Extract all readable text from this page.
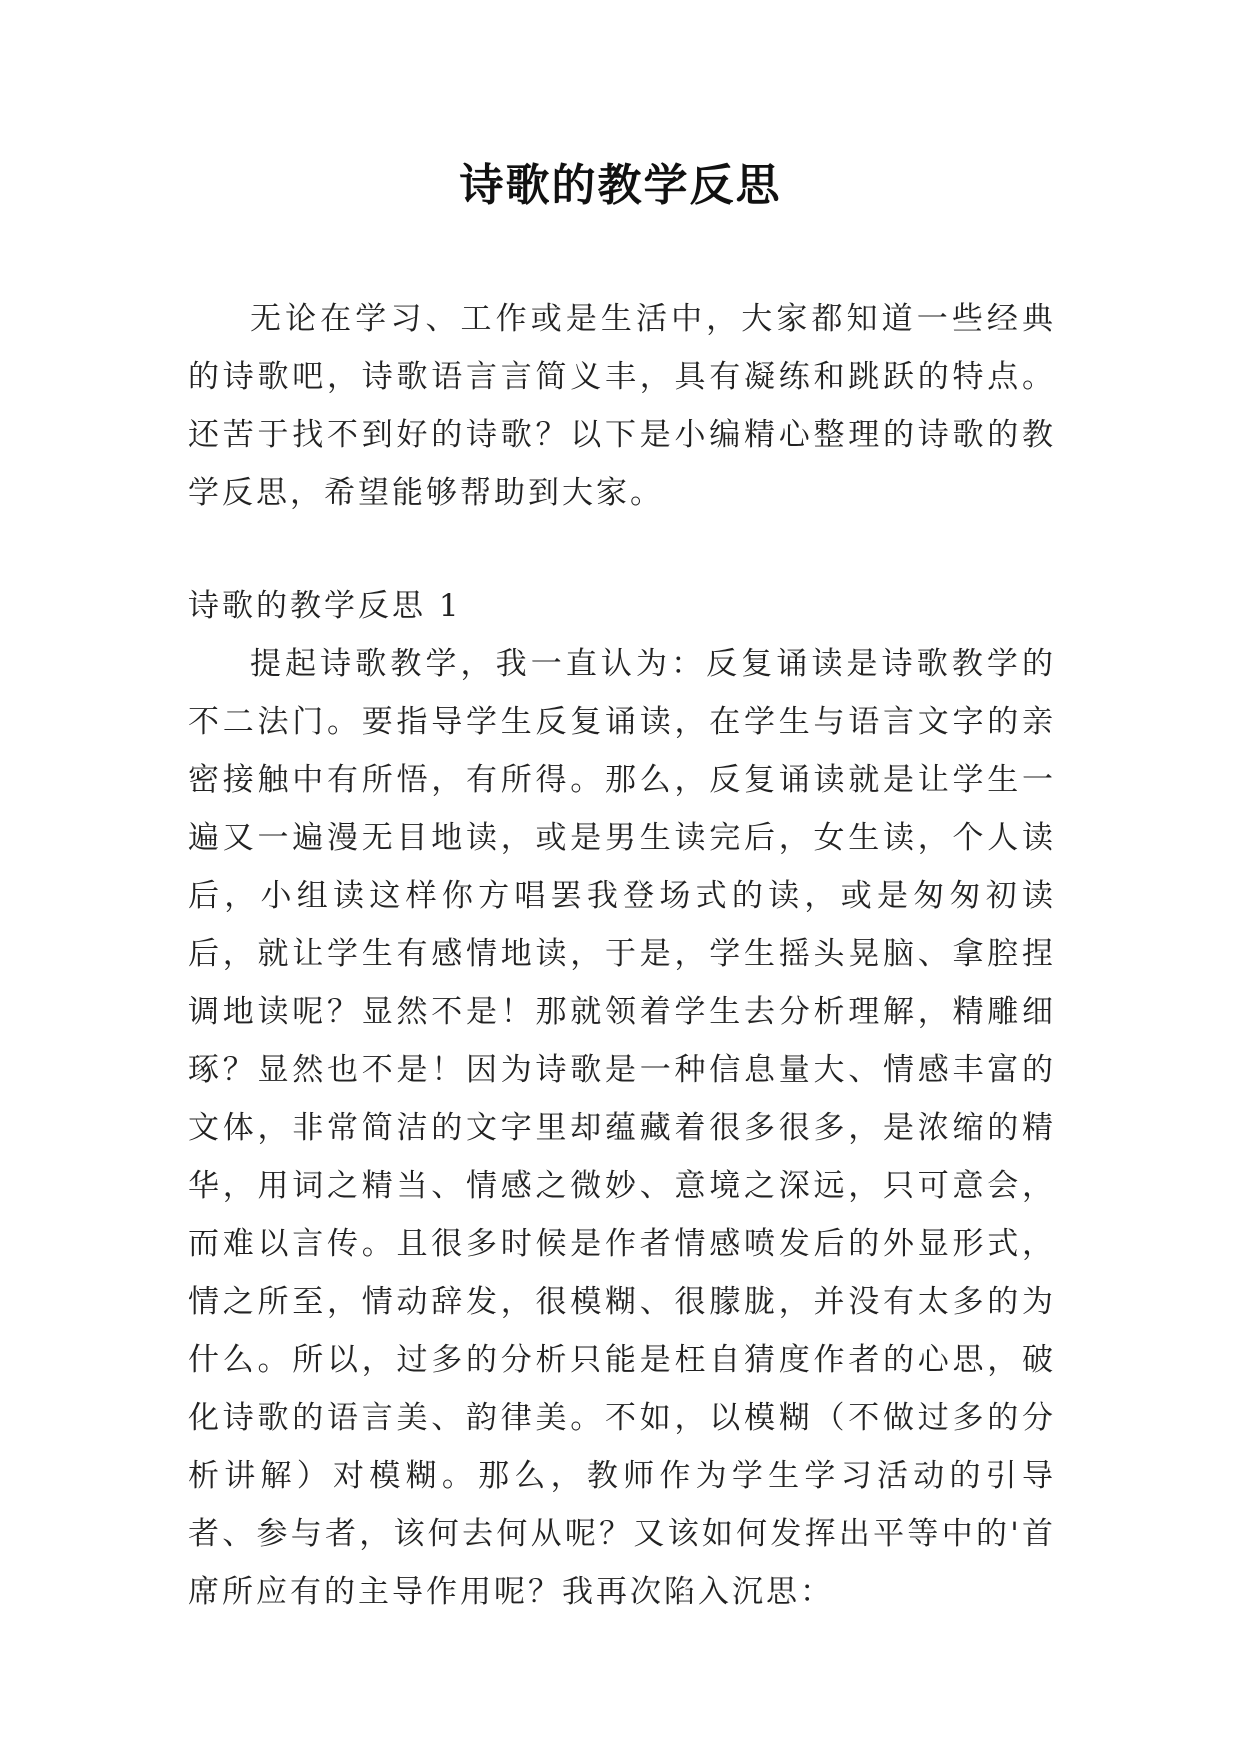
诗歌的教学反思

无论在学习、工作或是生活中，大家都知道一些经典的诗歌吧，诗歌语言言简义丰，具有凝练和跳跃的特点。还苦于找不到好的诗歌？以下是小编精心整理的诗歌的教学反思，希望能够帮助到大家。

诗歌的教学反思 1

提起诗歌教学，我一直认为：反复诵读是诗歌教学的不二法门。要指导学生反复诵读，在学生与语言文字的亲密接触中有所悟，有所得。那么，反复诵读就是让学生一遍又一遍漫无目地读，或是男生读完后，女生读，个人读后，小组读这样你方唱罢我登场式的读，或是匆匆初读后，就让学生有感情地读，于是，学生摇头晃脑、拿腔捏调地读呢？显然不是！那就领着学生去分析理解，精雕细琢？显然也不是！因为诗歌是一种信息量大、情感丰富的文体，非常简洁的文字里却蕴藏着很多很多，是浓缩的精华，用词之精当、情感之微妙、意境之深远，只可意会，而难以言传。且很多时候是作者情感喷发后的外显形式，情之所至，情动辞发，很模糊、很朦胧，并没有太多的为什么。所以，过多的分析只能是枉自猜度作者的心思，破化诗歌的语言美、韵律美。不如，以模糊（不做过多的分析讲解）对模糊。那么，教师作为学生学习活动的引导者、参与者，该何去何从呢？又该如何发挥出平等中的'首席所应有的主导作用呢？我再次陷入沉思：
